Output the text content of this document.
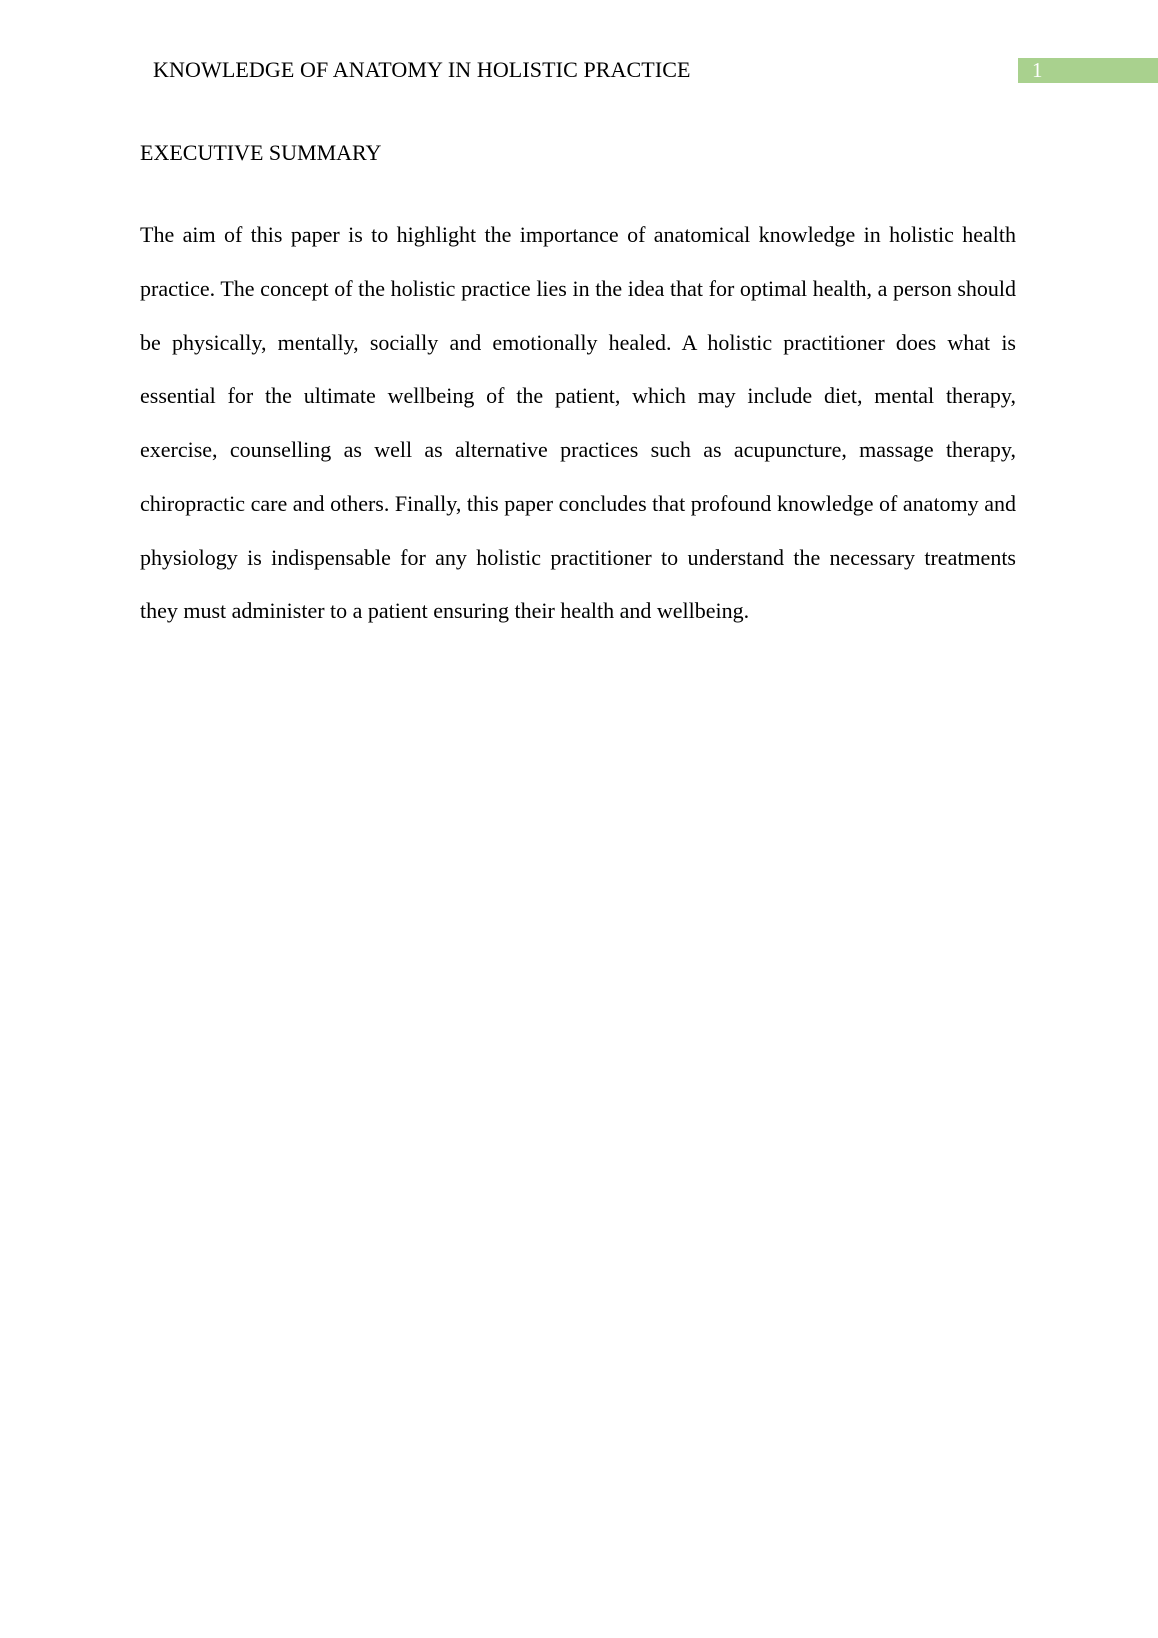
KNOWLEDGE OF ANATOMY IN HOLISTIC PRACTICE	1
EXECUTIVE SUMMARY

The aim of this paper is to highlight the importance of anatomical knowledge in holistic health practice. The concept of the holistic practice lies in the idea that for optimal health, a person should be physically, mentally, socially and emotionally healed. A holistic practitioner does what is essential for the ultimate wellbeing of the patient, which may include diet, mental therapy, exercise, counselling as well as alternative practices such as acupuncture, massage therapy, chiropractic care and others. Finally, this paper concludes that profound knowledge of anatomy and physiology is indispensable for any holistic practitioner to understand the necessary treatments they must administer to a patient ensuring their health and wellbeing.
